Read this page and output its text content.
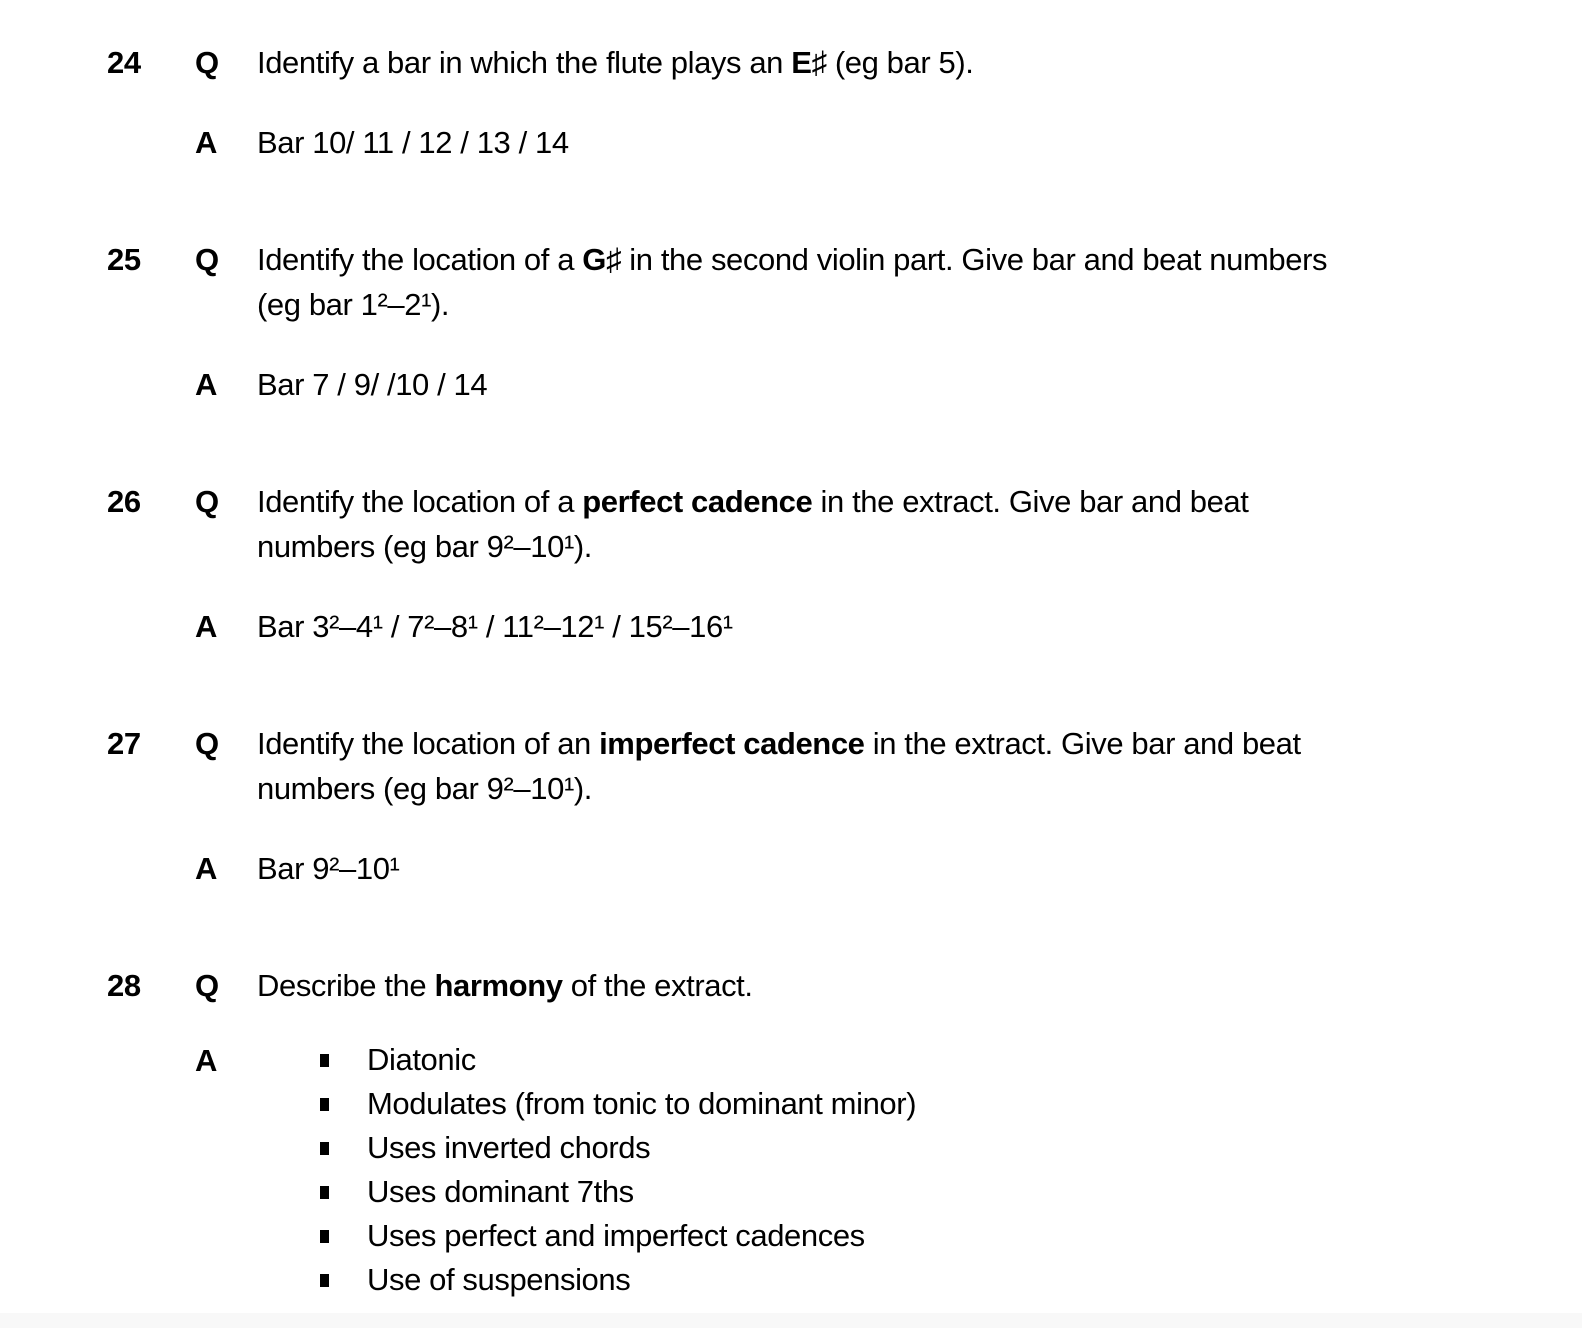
24	Q	Identify a bar in which the flute plays an E♯ (eg bar 5).
A	Bar 10/ 11 / 12 / 13 / 14
25	Q	Identify the location of a G♯ in the second violin part. Give bar and beat numbers
(eg bar 1²–2¹).
A	Bar 7 / 9/ /10 / 14
26	Q	Identify the location of a perfect cadence in the extract. Give bar and beat
numbers (eg bar 9²–10¹).
A	Bar 3²–4¹ / 7²–8¹ / 11²–12¹ / 15²–16¹
27	Q	Identify the location of an imperfect cadence in the extract. Give bar and beat
numbers (eg bar 9²–10¹).
A	Bar 9²–10¹
28	Q	Describe the harmony of the extract.
A	Diatonic
Modulates (from tonic to dominant minor)
Uses inverted chords
Uses dominant 7ths
Uses perfect and imperfect cadences
Use of suspensions
